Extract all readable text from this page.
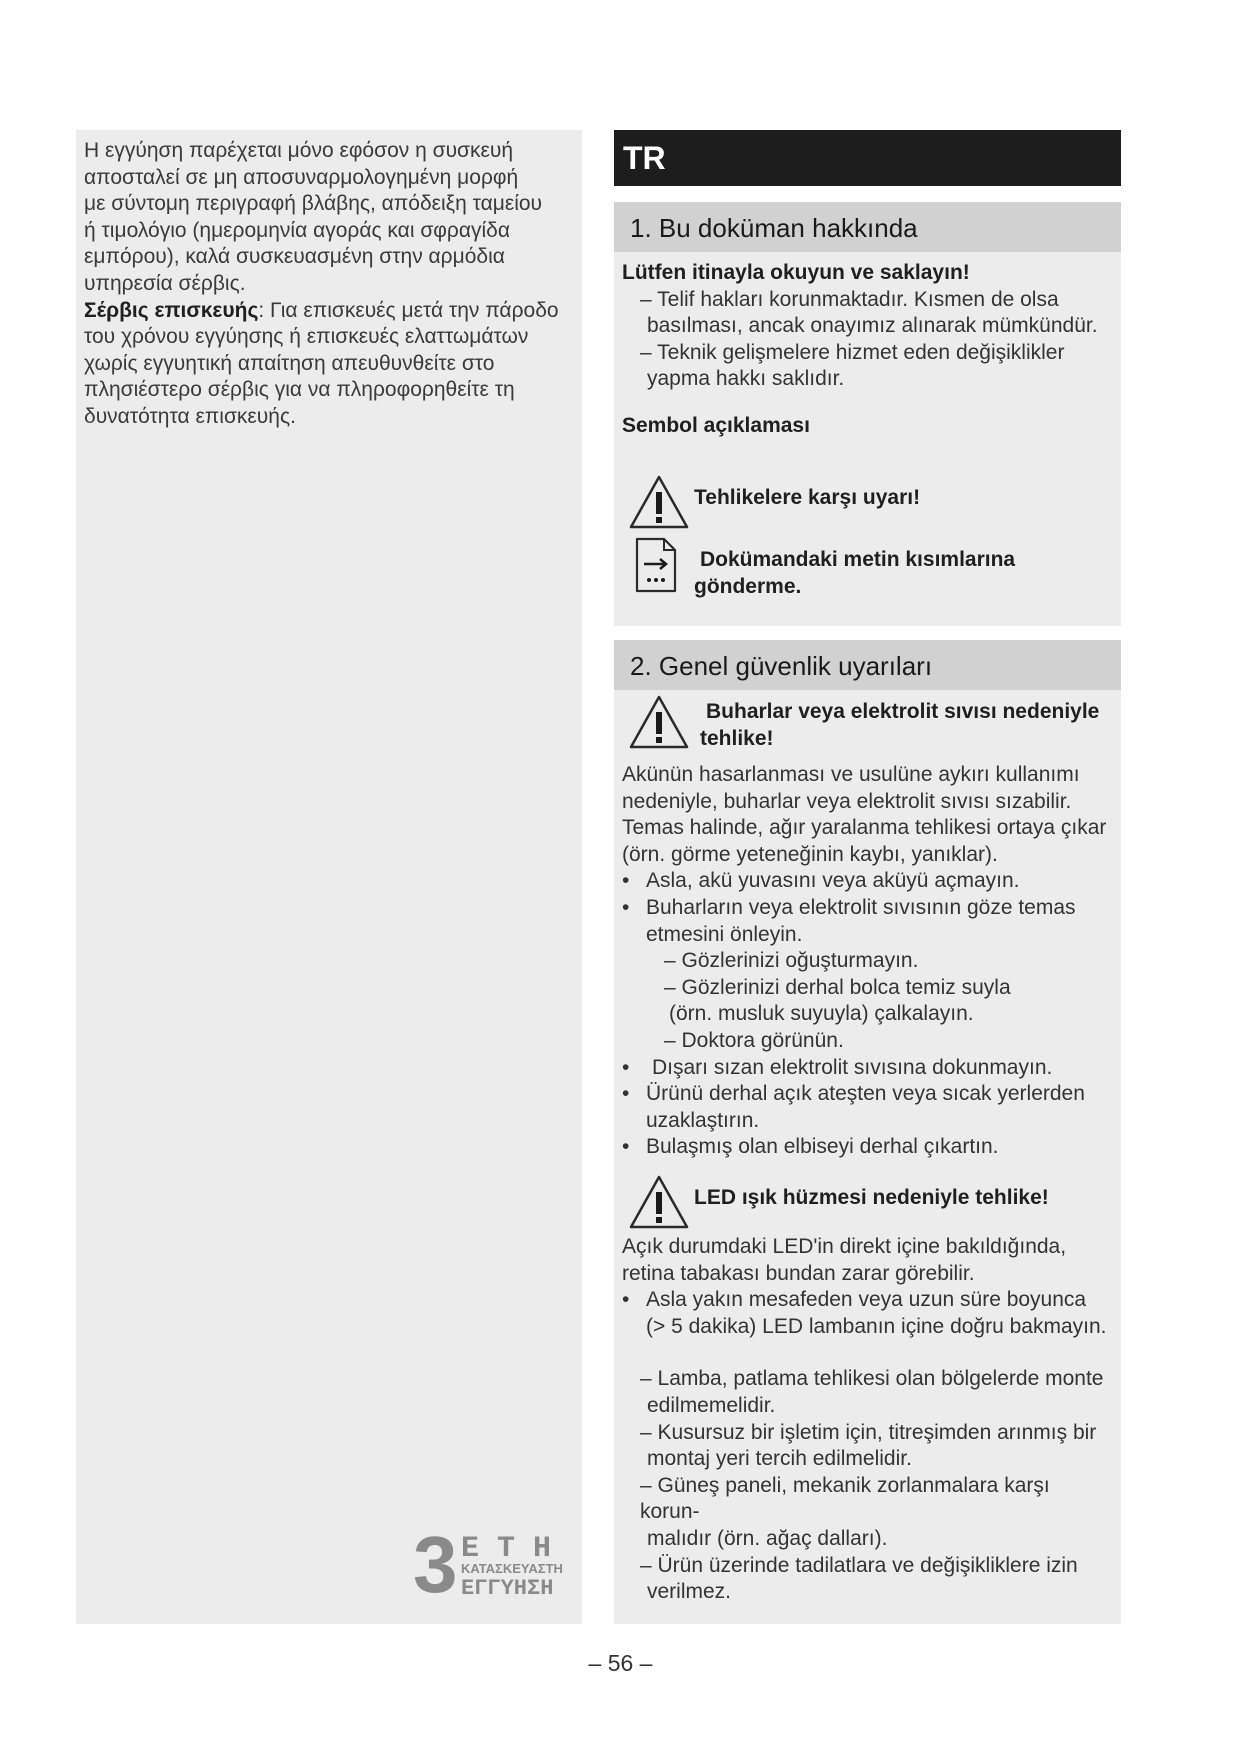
Η εγγύηση παρέχεται μόνο εφόσον η συσκευή
αποσταλεί σε μη αποσυναρμολογημένη μορφή
με σύντομη περιγραφή βλάβης, απόδειξη ταμείου
ή τιμολόγιο (ημερομηνία αγοράς και σφραγίδα
εμπόρου), καλά συσκευασμένη στην αρμόδια
υπηρεσία σέρβις.
Σέρβις επισκευής: Για επισκευές μετά την πάροδο
του χρόνου εγγύησης ή επισκευές ελαττωμάτων
χωρίς εγγυητική απαίτηση απευθυνθείτε στο
πλησιέστερο σέρβις για να πληροφορηθείτε τη
δυνατότητα επισκευής.

3 Ε Τ Η
ΚΑΤΑΣΚΕΥΑΣΤΗ
ΕΓΓΥΗΣΗ
TR
1. Bu doküman hakkında
Lütfen itinayla okuyun ve saklayın!
– Telif hakları korunmaktadır. Kısmen de olsa
basılması, ancak onayımız alınarak mümkündür.
– Teknik gelişmelere hizmet eden değişiklikler
yapma hakkı saklıdır.
Sembol açıklaması
Tehlikelere karşı uyarı!
Dokümandaki metin kısımlarına
gönderme.
2. Genel güvenlik uyarıları
Buharlar veya elektrolit sıvısı nedeniyle
tehlike!
Akünün hasarlanması ve usulüne aykırı kullanımı
nedeniyle, buharlar veya elektrolit sıvısı sızabilir.
Temas halinde, ağır yaralanma tehlikesi ortaya çıkar
(örn. görme yeteneğinin kaybı, yanıklar).
• Asla, akü yuvasını veya aküyü açmayın.
• Buharların veya elektrolit sıvısının göze temas
etmesini önleyin.
– Gözlerinizi oğuşturmayın.
– Gözlerinizi derhal bolca temiz suyla
(örn. musluk suyuyla) çalkalayın.
– Doktora görünün.
•	Dışarı sızan elektrolit sıvısına dokunmayın.
• Ürünü derhal açık ateşten veya sıcak yerlerden
uzaklaştırın.
• Bulaşmış olan elbiseyi derhal çıkartın.
LED ışık hüzmesi nedeniyle tehlike!
Açık durumdaki LED'in direkt içine bakıldığında,
retina tabakası bundan zarar görebilir.
• Asla yakın mesafeden veya uzun süre boyunca
(> 5 dakika) LED lambanın içine doğru bakmayın.
– Lamba, patlama tehlikesi olan bölgelerde monte
edilmemelidir.
– Kusursuz bir işletim için, titreşimden arınmış bir
montaj yeri tercih edilmelidir.
– Güneş paneli, mekanik zorlanmalara karşı korun-
malıdır (örn. ağaç dalları).
– Ürün üzerinde tadilatlara ve değişikliklere izin
verilmez.
– 56 –
